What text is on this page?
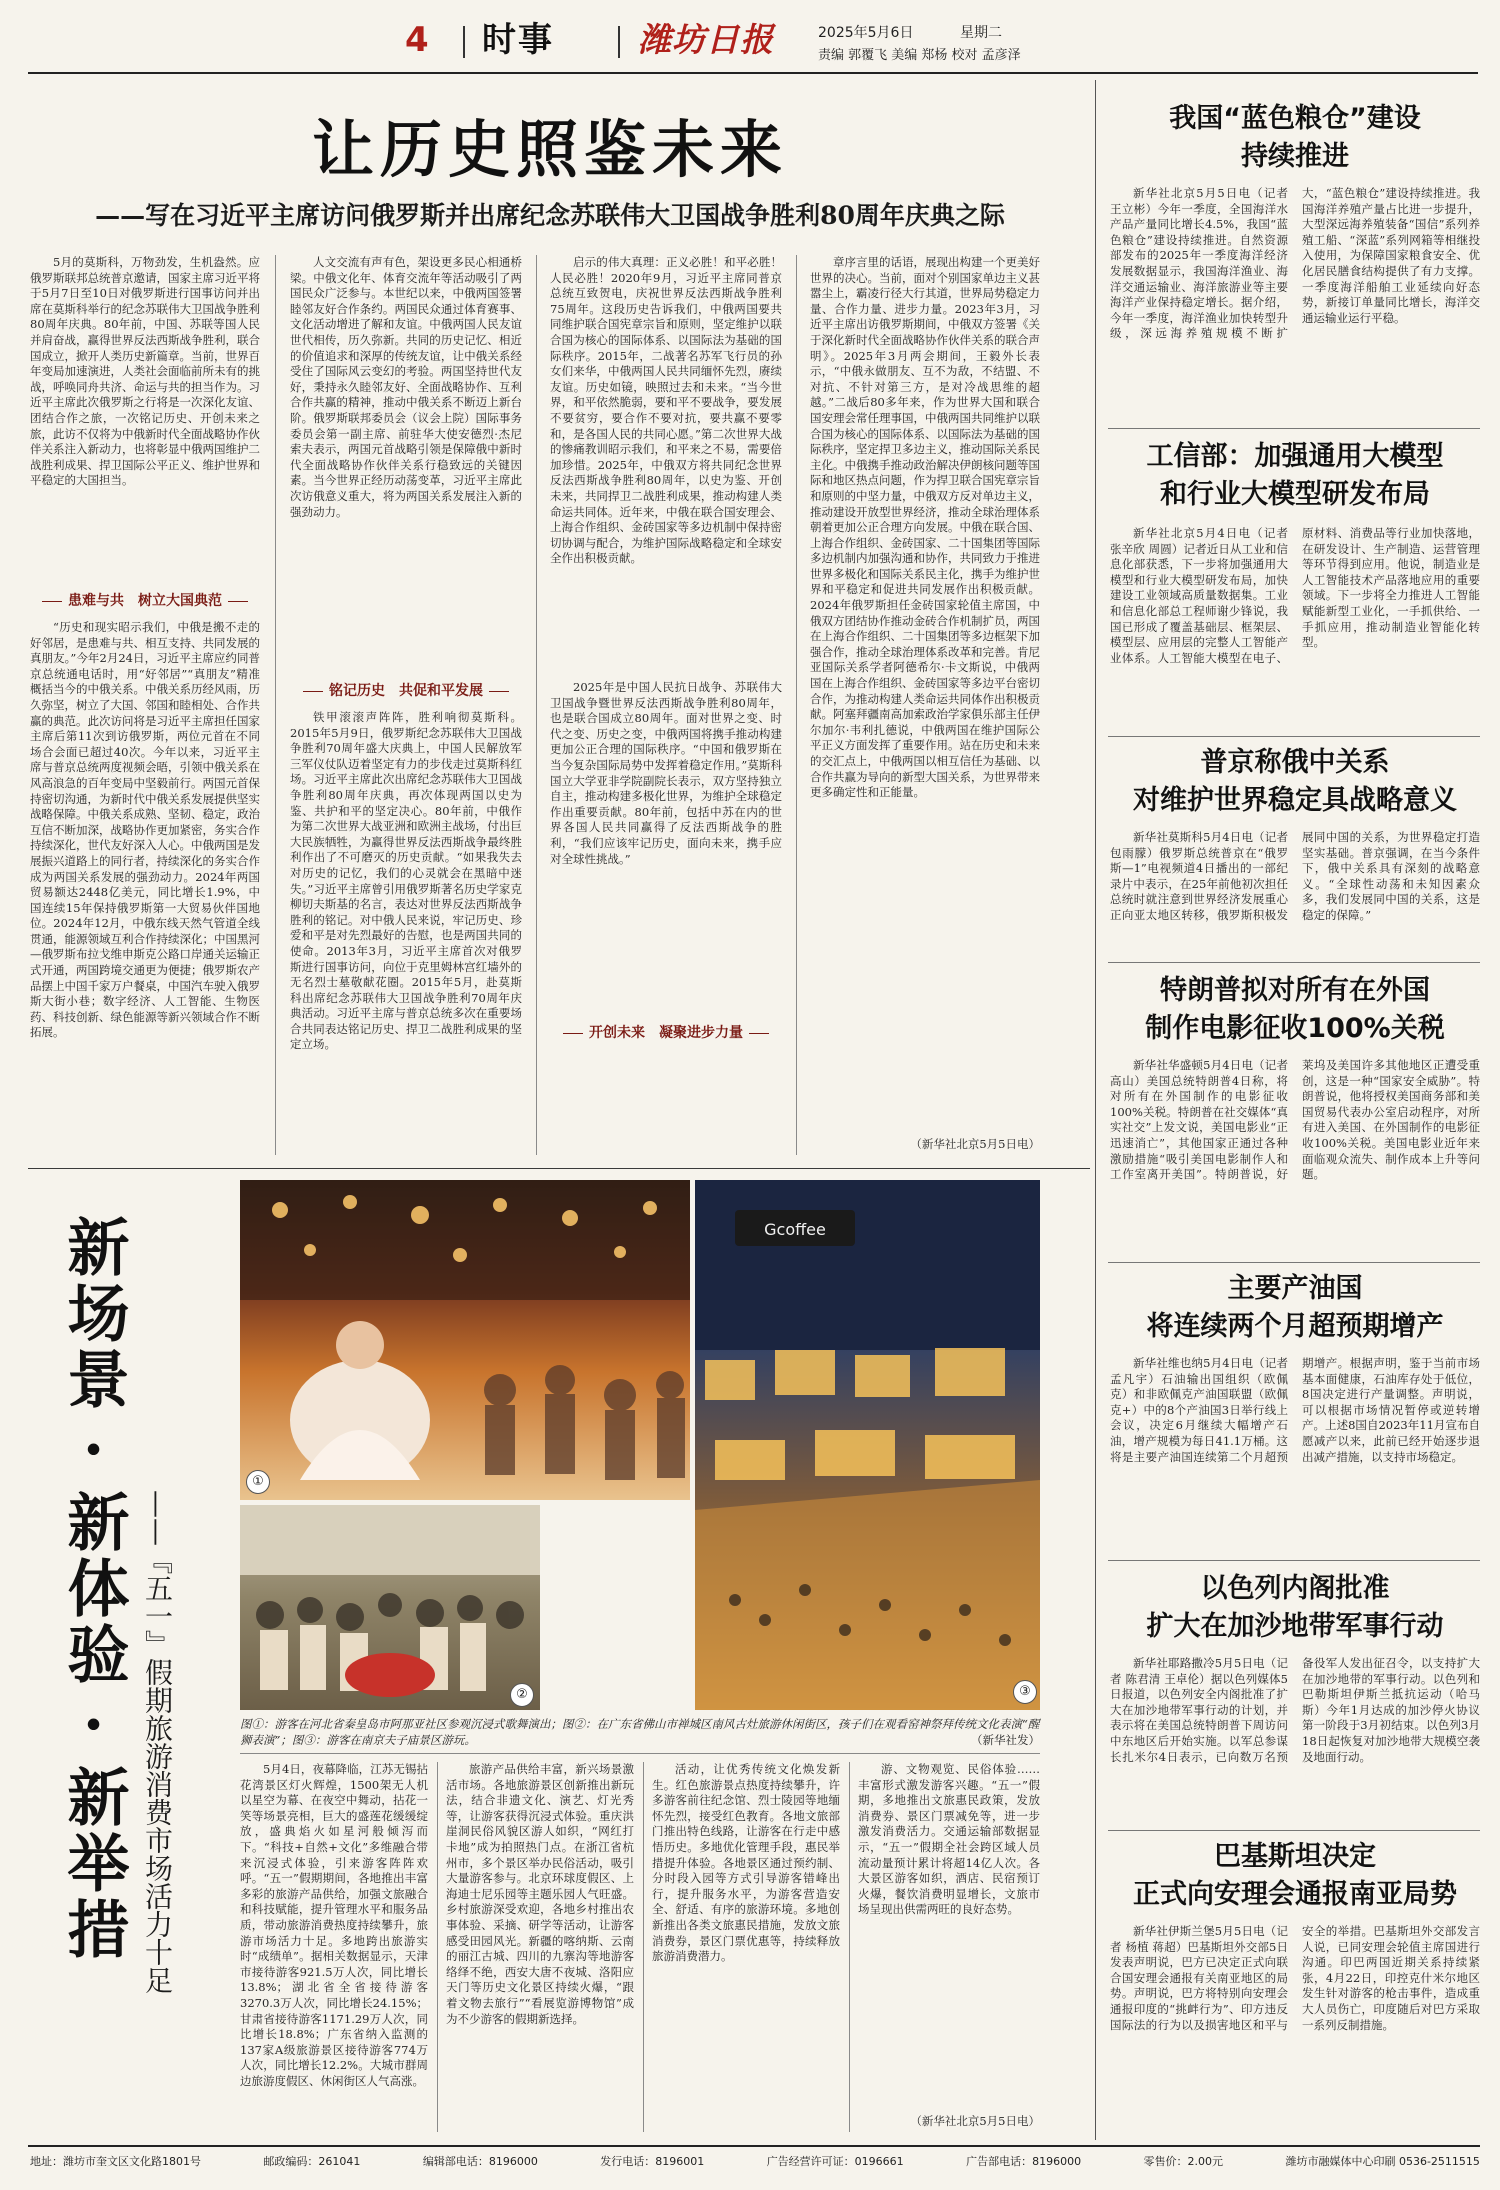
4 时事	潍坊日报	2025年5月6日	星期二
责编 郭覆飞 美编 郑杨 校对 孟彦泽
让历史照鉴未来
——写在习近平主席访问俄罗斯并出席纪念苏联伟大卫国战争胜利80周年庆典之际

5月的莫斯科，万物劲发，生机盎然。应俄罗斯联邦总统普京邀请，国家主席习近平将于5月7日至10日对俄罗斯进行国事访问并出席在莫斯科举行的纪念苏联伟大卫国战争胜利80周年庆典。80年前，中国、苏联等国人民并肩奋战，赢得世界反法西斯战争胜利，联合国成立，掀开人类历史新篇章。当前，世界百年变局加速演进，人类社会面临前所未有的挑战，呼唤同舟共济、命运与共的担当作为。习近平主席此次俄罗斯之行将是一次深化友谊、团结合作之旅，一次铭记历史、开创未来之旅，此访不仅将为中俄新时代全面战略协作伙伴关系注入新动力，也将彰显中俄两国维护二战胜利成果、捍卫国际公平正义、维护世界和平稳定的大国担当。

患难与共　树立大国典范

“历史和现实昭示我们，中俄是搬不走的好邻居，是患难与共、相互支持、共同发展的真朋友。”今年2月24日，习近平主席应约同普京总统通电话时，用“好邻居”“真朋友”精准概括当今的中俄关系。中俄关系历经风雨，历久弥坚，树立了大国、邻国和睦相处、合作共赢的典范。此次访问将是习近平主席担任国家主席后第11次到访俄罗斯，两位元首在不同场合会面已超过40次。今年以来，习近平主席与普京总统两度视频会晤，引领中俄关系在风高浪急的百年变局中坚毅前行。两国元首保持密切沟通，为新时代中俄关系发展提供坚实战略保障。中俄关系成熟、坚韧、稳定，政治互信不断加深，战略协作更加紧密，务实合作持续深化，世代友好深入人心。中俄两国是发展振兴道路上的同行者，持续深化的务实合作成为两国关系发展的强劲动力。2024年两国贸易额达2448亿美元，同比增长1.9%，中国连续15年保持俄罗斯第一大贸易伙伴国地位。2024年12月，中俄东线天然气管道全线贯通，能源领域互利合作持续深化；中国黑河—俄罗斯布拉戈维申斯克公路口岸通关运输正式开通，两国跨境交通更为便捷；俄罗斯农产品摆上中国千家万户餐桌，中国汽车驶入俄罗斯大街小巷；数字经济、人工智能、生物医药、科技创新、绿色能源等新兴领域合作不断拓展。

人文交流有声有色，架设更多民心相通桥梁。中俄文化年、体育交流年等活动吸引了两国民众广泛参与。本世纪以来，中俄两国签署睦邻友好合作条约。两国民众通过体育赛事、文化活动增进了解和友谊。中俄两国人民友谊世代相传，历久弥新。共同的历史记忆、相近的价值追求和深厚的传统友谊，让中俄关系经受住了国际风云变幻的考验。两国坚持世代友好，秉持永久睦邻友好、全面战略协作、互利合作共赢的精神，推动中俄关系不断迈上新台阶。俄罗斯联邦委员会（议会上院）国际事务委员会第一副主席、前驻华大使安德烈·杰尼索夫表示，两国元首战略引领是保障俄中新时代全面战略协作伙伴关系行稳致远的关键因素。当今世界正经历动荡变革，习近平主席此次访俄意义重大，将为两国关系发展注入新的强劲动力。

铭记历史　共促和平发展

铁甲滚滚声阵阵，胜利响彻莫斯科。2015年5月9日，俄罗斯纪念苏联伟大卫国战争胜利70周年盛大庆典上，中国人民解放军三军仪仗队迈着坚定有力的步伐走过莫斯科红场。习近平主席此次出席纪念苏联伟大卫国战争胜利80周年庆典，再次体现两国以史为鉴、共护和平的坚定决心。80年前，中俄作为第二次世界大战亚洲和欧洲主战场，付出巨大民族牺牲，为赢得世界反法西斯战争最终胜利作出了不可磨灭的历史贡献。“如果我失去对历史的记忆，我们的心灵就会在黑暗中迷失。”习近平主席曾引用俄罗斯著名历史学家克柳切夫斯基的名言，表达对世界反法西斯战争胜利的铭记。对中俄人民来说，牢记历史、珍爱和平是对先烈最好的告慰，也是两国共同的使命。2013年3月，习近平主席首次对俄罗斯进行国事访问，向位于克里姆林宫红墙外的无名烈士墓敬献花圈。2015年5月，赴莫斯科出席纪念苏联伟大卫国战争胜利70周年庆典活动。习近平主席与普京总统多次在重要场合共同表达铭记历史、捍卫二战胜利成果的坚定立场。

启示的伟大真理：正义必胜！和平必胜！人民必胜！2020年9月，习近平主席同普京总统互致贺电，庆祝世界反法西斯战争胜利75周年。这段历史告诉我们，中俄两国要共同维护联合国宪章宗旨和原则，坚定维护以联合国为核心的国际体系、以国际法为基础的国际秩序。2015年，二战著名苏军飞行员的孙女们来华，中俄两国人民共同缅怀先烈，赓续友谊。历史如镜，映照过去和未来。“当今世界，和平依然脆弱，要和平不要战争，要发展不要贫穷，要合作不要对抗，要共赢不要零和，是各国人民的共同心愿。”第二次世界大战的惨痛教训昭示我们，和平来之不易，需要倍加珍惜。2025年，中俄双方将共同纪念世界反法西斯战争胜利80周年，以史为鉴、开创未来，共同捍卫二战胜利成果，推动构建人类命运共同体。近年来，中俄在联合国安理会、上海合作组织、金砖国家等多边机制中保持密切协调与配合，为维护国际战略稳定和全球安全作出积极贡献。

2025年是中国人民抗日战争、苏联伟大卫国战争暨世界反法西斯战争胜利80周年，也是联合国成立80周年。面对世界之变、时代之变、历史之变，中俄两国将携手推动构建更加公正合理的国际秩序。“中国和俄罗斯在当今复杂国际局势中发挥着稳定作用。”莫斯科国立大学亚非学院副院长表示，双方坚持独立自主，推动构建多极化世界，为维护全球稳定作出重要贡献。80年前，包括中苏在内的世界各国人民共同赢得了反法西斯战争的胜利，“我们应该牢记历史，面向未来，携手应对全球性挑战。”

开创未来　凝聚进步力量

章序言里的话语，展现出构建一个更美好世界的决心。当前，面对个别国家单边主义甚嚣尘上，霸凌行径大行其道，世界局势稳定力量、合作力量、进步力量。2023年3月，习近平主席出访俄罗斯期间，中俄双方签署《关于深化新时代全面战略协作伙伴关系的联合声明》。2025年3月两会期间，王毅外长表示，“中俄永做朋友、互不为敌，不结盟、不对抗、不针对第三方，是对冷战思维的超越。”二战后80多年来，作为世界大国和联合国安理会常任理事国，中俄两国共同维护以联合国为核心的国际体系、以国际法为基础的国际秩序，坚定捍卫多边主义，推动国际关系民主化。中俄携手推动政治解决伊朗核问题等国际和地区热点问题，作为捍卫联合国宪章宗旨和原则的中坚力量，中俄双方反对单边主义，推动建设开放型世界经济，推动全球治理体系朝着更加公正合理方向发展。中俄在联合国、上海合作组织、金砖国家、二十国集团等国际多边机制内加强沟通和协作，共同致力于推进世界多极化和国际关系民主化，携手为维护世界和平稳定和促进共同发展作出积极贡献。2024年俄罗斯担任金砖国家轮值主席国，中俄双方团结协作推动金砖合作机制扩员，两国在上海合作组织、二十国集团等多边框架下加强合作，推动全球治理体系改革和完善。肯尼亚国际关系学者阿德希尔·卡文斯说，中俄两国在上海合作组织、金砖国家等多边平台密切合作，为推动构建人类命运共同体作出积极贡献。阿塞拜疆南高加索政治学家俱乐部主任伊尔加尔·韦利扎德说，中俄两国在维护国际公平正义方面发挥了重要作用。站在历史和未来的交汇点上，中俄两国以相互信任为基础、以合作共赢为导向的新型大国关系，为世界带来更多确定性和正能量。

（新华社北京5月5日电）
新场景·新体验·新举措 ——『五一』假期旅游消费市场活力十足
①
②
Gcoffee
③
图①：游客在河北省秦皇岛市阿那亚社区参观沉浸式歌舞演出；图②：在广东省佛山市禅城区南风古灶旅游休闲街区，孩子们在观看窑神祭拜传统文化表演“醒狮表演”；图③：游客在南京夫子庙景区游玩。	（新华社发）

5月4日，夜幕降临，江苏无锡拈花湾景区灯火辉煌，1500架无人机以星空为幕、在夜空中舞动，拈花一笑等场景亮相，巨大的盛莲花缓缓绽放，盛典焰火如星河般倾泻而下。“科技+自然+文化”多维融合带来沉浸式体验，引来游客阵阵欢呼。“五一”假期期间，各地推出丰富多彩的旅游产品供给，加强文旅融合和科技赋能，提升管理水平和服务品质，带动旅游消费热度持续攀升，旅游市场活力十足。多地跨出旅游实时“成绩单”。据相关数据显示，天津市接待游客921.5万人次，同比增长13.8%；湖北省全省接待游客3270.3万人次，同比增长24.15%；甘肃省接待游客1171.29万人次，同比增长18.8%；广东省纳入监测的137家A级旅游景区接待游客774万人次，同比增长12.2%。大城市群周边旅游度假区、休闲街区人气高涨。

旅游产品供给丰富，新兴场景激活市场。各地旅游景区创新推出新玩法，结合非遗文化、演艺、灯光秀等，让游客获得沉浸式体验。重庆洪崖洞民俗风貌区游人如织，“网红打卡地”成为拍照热门点。在浙江省杭州市，多个景区举办民俗活动，吸引大量游客参与。北京环球度假区、上海迪士尼乐园等主题乐园人气旺盛。乡村旅游深受欢迎，各地乡村推出农事体验、采摘、研学等活动，让游客感受田园风光。新疆的喀纳斯、云南的丽江古城、四川的九寨沟等地游客络绎不绝，西安大唐不夜城、洛阳应天门等历史文化景区持续火爆，“跟着文物去旅行”“看展览游博物馆”成为不少游客的假期新选择。

活动，让优秀传统文化焕发新生。红色旅游景点热度持续攀升，许多游客前往纪念馆、烈士陵园等地缅怀先烈，接受红色教育。各地文旅部门推出特色线路，让游客在行走中感悟历史。多地优化管理手段，惠民举措提升体验。各地景区通过预约制、分时段入园等方式引导游客错峰出行，提升服务水平，为游客营造安全、舒适、有序的旅游环境。多地创新推出各类文旅惠民措施，发放文旅消费券，景区门票优惠等，持续释放旅游消费潜力。

游、文物观览、民俗体验……丰富形式激发游客兴趣。“五一”假期，多地推出文旅惠民政策，发放消费券、景区门票减免等，进一步激发消费活力。交通运输部数据显示，“五一”假期全社会跨区域人员流动量预计累计将超14亿人次。各大景区游客如织，酒店、民宿预订火爆，餐饮消费明显增长，文旅市场呈现出供需两旺的良好态势。

（新华社北京5月5日电）
我国“蓝色粮仓”建设
持续推进

新华社北京5月5日电（记者 王立彬）今年一季度，全国海洋水产品产量同比增长4.5%，我国“蓝色粮仓”建设持续推进。自然资源部发布的2025年一季度海洋经济发展数据显示，我国海洋渔业、海洋交通运输业、海洋旅游业等主要海洋产业保持稳定增长。据介绍，今年一季度，海洋渔业加快转型升级，深远海养殖规模不断扩大，“蓝色粮仓”建设持续推进。我国海洋养殖产量占比进一步提升，大型深远海养殖装备“国信”系列养殖工船、“深蓝”系列网箱等相继投入使用，为保障国家粮食安全、优化居民膳食结构提供了有力支撑。一季度海洋船舶工业延续向好态势，新接订单量同比增长，海洋交通运输业运行平稳。

工信部：加强通用大模型
和行业大模型研发布局

新华社北京5月4日电（记者 张辛欣 周圆）记者近日从工业和信息化部获悉，下一步将加强通用大模型和行业大模型研发布局，加快建设工业领域高质量数据集。工业和信息化部总工程师谢少锋说，我国已形成了覆盖基础层、框架层、模型层、应用层的完整人工智能产业体系。人工智能大模型在电子、原材料、消费品等行业加快落地，在研发设计、生产制造、运营管理等环节得到应用。他说，制造业是人工智能技术产品落地应用的重要领域。下一步将全力推进人工智能赋能新型工业化，一手抓供给、一手抓应用，推动制造业智能化转型。

普京称俄中关系
对维护世界稳定具战略意义

新华社莫斯科5月4日电（记者 包雨朦）俄罗斯总统普京在“俄罗斯—1”电视频道4日播出的一部纪录片中表示，在25年前他初次担任总统时就注意到世界经济发展重心正向亚太地区转移，俄罗斯积极发展同中国的关系，为世界稳定打造坚实基础。普京强调，在当今条件下，俄中关系具有深刻的战略意义。“全球性动荡和未知因素众多，我们发展同中国的关系，这是稳定的保障。”

特朗普拟对所有在外国
制作电影征收100%关税

新华社华盛顿5月4日电（记者 高山）美国总统特朗普4日称，将对所有在外国制作的电影征收100%关税。特朗普在社交媒体“真实社交”上发文说，美国电影业“正迅速消亡”，其他国家正通过各种激励措施“吸引美国电影制作人和工作室离开美国”。特朗普说，好莱坞及美国许多其他地区正遭受重创，这是一种“国家安全威胁”。特朗普说，他将授权美国商务部和美国贸易代表办公室启动程序，对所有进入美国、在外国制作的电影征收100%关税。美国电影业近年来面临观众流失、制作成本上升等问题。

主要产油国
将连续两个月超预期增产

新华社维也纳5月4日电（记者 孟凡宇）石油输出国组织（欧佩克）和非欧佩克产油国联盟（欧佩克+）中的8个产油国3日举行线上会议，决定6月继续大幅增产石油，增产规模为每日41.1万桶。这将是主要产油国连续第二个月超预期增产。根据声明，鉴于当前市场基本面健康，石油库存处于低位，8国决定进行产量调整。声明说，可以根据市场情况暂停或逆转增产。上述8国自2023年11月宣布自愿减产以来，此前已经开始逐步退出减产措施，以支持市场稳定。

以色列内阁批准
扩大在加沙地带军事行动

新华社耶路撒冷5月5日电（记者 陈君清 王卓伦）据以色列媒体5日报道，以色列安全内阁批准了扩大在加沙地带军事行动的计划，并表示将在美国总统特朗普下周访问中东地区后开始实施。以军总参谋长扎米尔4日表示，已向数万名预备役军人发出征召令，以支持扩大在加沙地带的军事行动。以色列和巴勒斯坦伊斯兰抵抗运动（哈马斯）今年1月达成的加沙停火协议第一阶段于3月初结束。以色列3月18日起恢复对加沙地带大规模空袭及地面行动。

巴基斯坦决定
正式向安理会通报南亚局势

新华社伊斯兰堡5月5日电（记者 杨植 蒋超）巴基斯坦外交部5日发表声明说，巴方已决定正式向联合国安理会通报有关南亚地区的局势。声明说，巴方将特别向安理会通报印度的“挑衅行为”、印方违反国际法的行为以及损害地区和平与安全的举措。巴基斯坦外交部发言人说，已同安理会轮值主席国进行沟通。印巴两国近期关系持续紧张，4月22日，印控克什米尔地区发生针对游客的枪击事件，造成重大人员伤亡，印度随后对巴方采取一系列反制措施。

地址：潍坊市奎文区文化路1801号	邮政编码：261041	编辑部电话：8196000	发行电话：8196001	广告经营许可证：0196661	广告部电话：8196000	零售价：2.00元	潍坊市融媒体中心印刷 0536-2511515
